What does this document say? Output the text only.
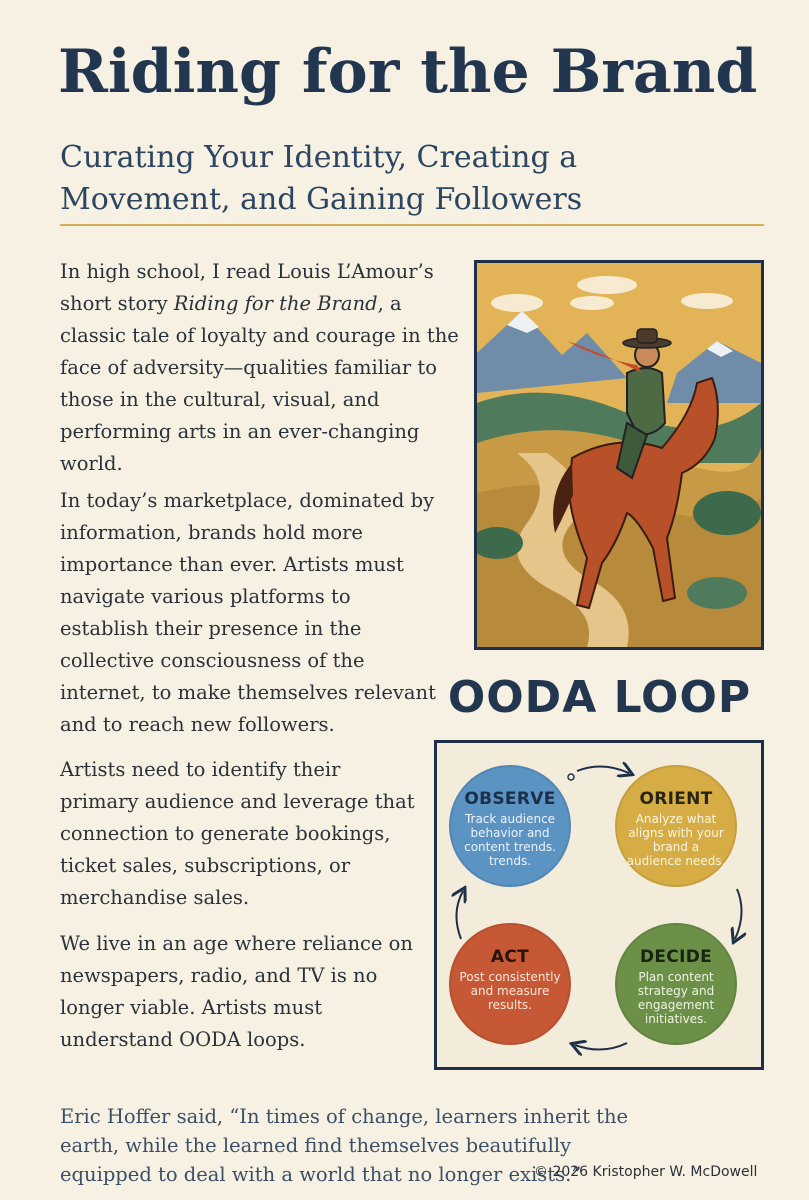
Riding for the Brand
Curating Your Identity, Creating a
Movement, and Gaining Followers

In high school, I read Louis L’Amour’s short story Riding for the Brand, a classic tale of loyalty and courage in the face of adversity—qualities familiar to those in the cultural, visual, and performing arts in an ever-changing world.

In today’s marketplace, dominated by information, brands hold more importance than ever. Artists must navigate various platforms to establish their presence in the collective consciousness of the internet, to make themselves relevant and to reach new followers.

Artists need to identify their primary audience and leverage that connection to generate bookings, ticket sales, subscriptions, or merchandise sales.

We live in an age where reliance on newspapers, radio, and TV is no longer viable. Artists must understand OODA loops.

OODA LOOP
OBSERVE
Track audience behavior and content trends. trends.
ORIENT
Analyze what aligns with your brand a audience needs.
ACT
Post consistently and measure results.
DECIDE
Plan content strategy and engagement initiatives.

Eric Hoffer said, “In times of change, learners inherit the earth, while the learned find themselves beautifully equipped to deal with a world that no longer exists.”

© 2026 Kristopher W. McDowell
